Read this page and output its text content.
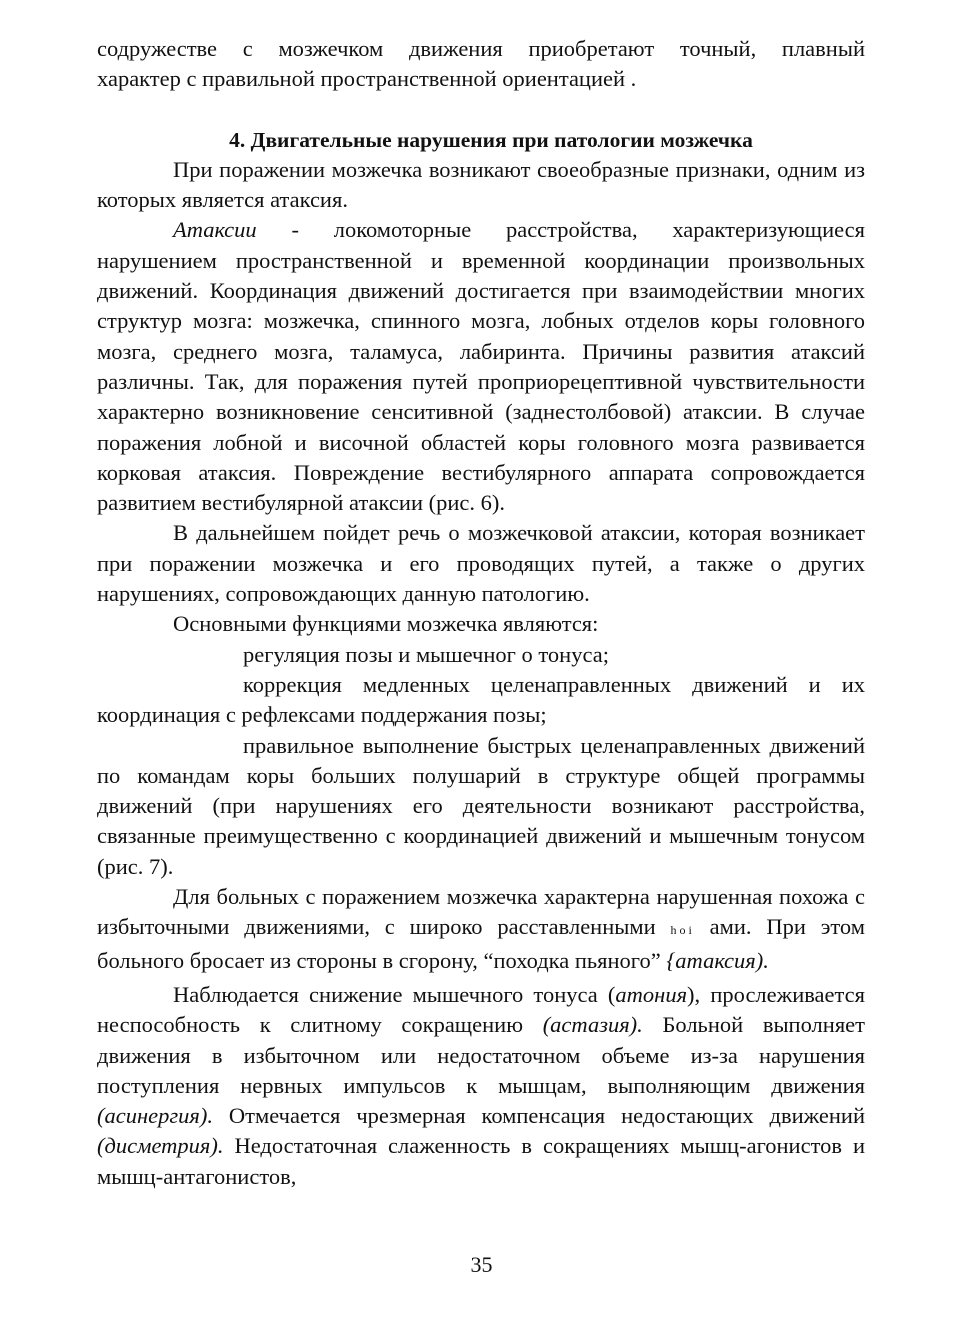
содружестве с мозжечком движения приобретают точный, плавный

характер с правильной пространственной ориентацией .

4. Двигательные нарушения при патологии мозжечка

При поражении мозжечка возникают своеобразные признаки, одним из которых является атаксия.

Атаксии - локомоторные расстройства, характеризующиеся нарушением пространственной и временной координации произвольных движений. Координация движений достигается при взаимодействии многих структур мозга: мозжечка, спинного мозга, лобных отделов коры головного мозга, среднего мозга, таламуса, лабиринта. Причины развития атаксий различны. Так, для поражения путей проприорецептивной чувствительности характерно возникновение сенситивной (заднестолбовой) атаксии. В случае поражения лобной и височной областей коры головного мозга развивается корковая атаксия. Повреждение вестибулярного аппарата сопровождается развитием вестибулярной атаксии (рис. 6).

В дальнейшем пойдет речь о мозжечковой атаксии, которая возникает при поражении мозжечка и его проводящих путей, а также о других нарушениях, сопровождающих данную патологию.

Основными функциями мозжечка являются:

регуляция позы и мышечног о тонуса;

коррекция медленных целенаправленных движений и их координация с рефлексами поддержания позы;

правильное выполнение быстрых целенаправленных движений по командам коры больших полушарий в структуре общей программы движений (при нарушениях его деятельности возникают расстройства, связанные преимущественно с координацией движений и мышечным тонусом (рис. 7).

Для больных с поражением мозжечка характерна нарушенная похожа с избыточными движениями, с широко расставленными hoi ами. При этом больного бросает из стороны в сгорону, “походка пьяного” {атаксия).

Наблюдается снижение мышечного тонуса (атония), прослеживается неспособность к слитному сокращению (астазия). Больной выполняет движения в избыточном или недостаточном объеме из-за нарушения поступления нервных импульсов к мышцам, выполняющим движения (асинергия). Отмечается чрезмерная компенсация недостающих движений (дисметрия). Недостаточная слаженность в сокращениях мышц-агонистов и мышц-антагонистов,

35
